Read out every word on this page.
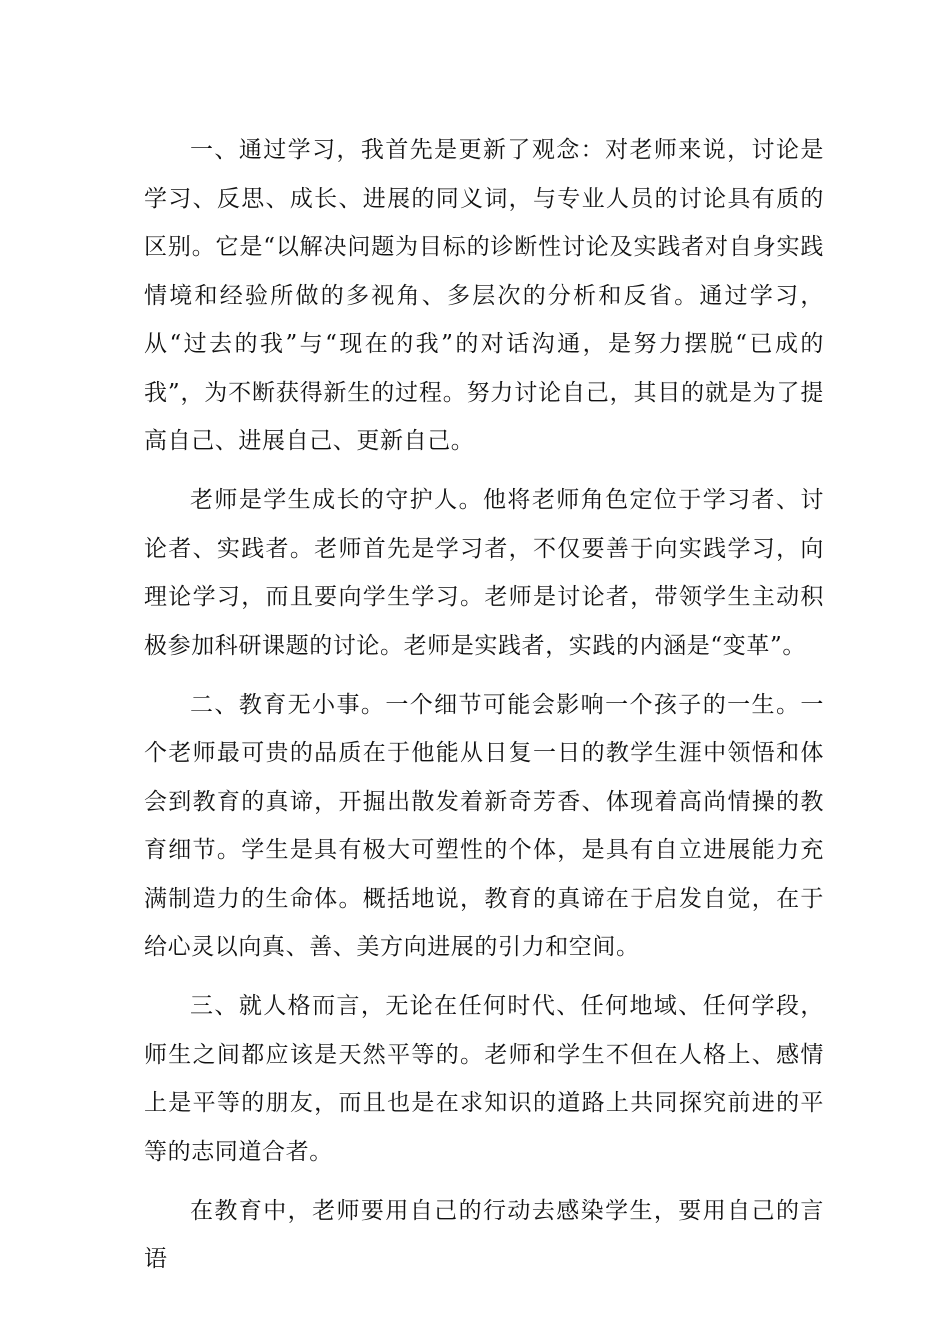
一、通过学习，我首先是更新了观念：对老师来说，讨论是学习、反思、成长、进展的同义词，与专业人员的讨论具有质的区别。它是“以解决问题为目标的诊断性讨论及实践者对自身实践情境和经验所做的多视角、多层次的分析和反省。通过学习，从“过去的我”与“现在的我”的对话沟通，是努力摆脱“已成的我”，为不断获得新生的过程。努力讨论自己，其目的就是为了提高自己、进展自己、更新自己。

老师是学生成长的守护人。他将老师角色定位于学习者、讨论者、实践者。老师首先是学习者，不仅要善于向实践学习，向理论学习，而且要向学生学习。老师是讨论者，带领学生主动积极参加科研课题的讨论。老师是实践者，实践的内涵是“变革”。

二、教育无小事。一个细节可能会影响一个孩子的一生。一个老师最可贵的品质在于他能从日复一日的教学生涯中领悟和体会到教育的真谛，开掘出散发着新奇芳香、体现着高尚情操的教育细节。学生是具有极大可塑性的个体，是具有自立进展能力充满制造力的生命体。概括地说，教育的真谛在于启发自觉，在于给心灵以向真、善、美方向进展的引力和空间。

三、就人格而言，无论在任何时代、任何地域、任何学段，师生之间都应该是天然平等的。老师和学生不但在人格上、感情上是平等的朋友，而且也是在求知识的道路上共同探究前进的平等的志同道合者。

在教育中，老师要用自己的行动去感染学生，要用自己的言语
